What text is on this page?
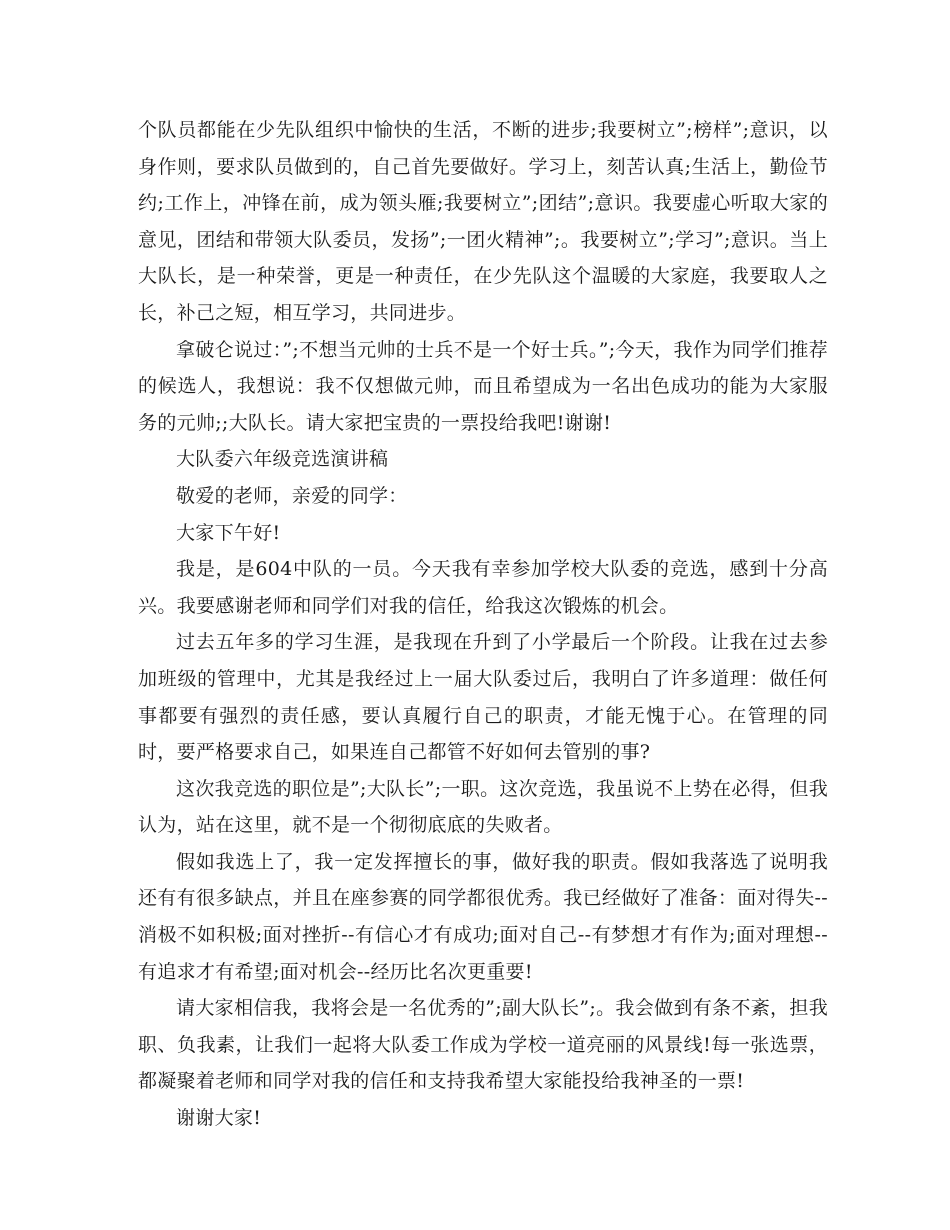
个队员都能在少先队组织中愉快的生活，不断的进步;我要树立”;榜样”;意识，以身作则，要求队员做到的，自己首先要做好。学习上，刻苦认真;生活上，勤俭节约;工作上，冲锋在前，成为领头雁;我要树立”;团结”;意识。我要虚心听取大家的意见，团结和带领大队委员，发扬”;一团火精神”;。我要树立”;学习”;意识。当上大队长，是一种荣誉，更是一种责任，在少先队这个温暖的大家庭，我要取人之长，补己之短，相互学习，共同进步。

拿破仑说过：”;不想当元帅的士兵不是一个好士兵。”;今天，我作为同学们推荐的候选人，我想说：我不仅想做元帅，而且希望成为一名出色成功的能为大家服务的元帅;;大队长。请大家把宝贵的一票投给我吧!谢谢!

大队委六年级竞选演讲稿

敬爱的老师，亲爱的同学：

大家下午好!

我是，是604中队的一员。今天我有幸参加学校大队委的竞选，感到十分高兴。我要感谢老师和同学们对我的信任，给我这次锻炼的机会。

过去五年多的学习生涯，是我现在升到了小学最后一个阶段。让我在过去参加班级的管理中，尤其是我经过上一届大队委过后，我明白了许多道理：做任何事都要有强烈的责任感，要认真履行自己的职责，才能无愧于心。在管理的同时，要严格要求自己，如果连自己都管不好如何去管别的事?

这次我竞选的职位是”;大队长”;一职。这次竞选，我虽说不上势在必得，但我认为，站在这里，就不是一个彻彻底底的失败者。

假如我选上了，我一定发挥擅长的事，做好我的职责。假如我落选了说明我还有有很多缺点，并且在座参赛的同学都很优秀。我已经做好了准备：面对得失--消极不如积极;面对挫折--有信心才有成功;面对自己--有梦想才有作为;面对理想--有追求才有希望;面对机会--经历比名次更重要!

请大家相信我，我将会是一名优秀的”;副大队长”;。我会做到有条不紊，担我职、负我素，让我们一起将大队委工作成为学校一道亮丽的风景线!每一张选票，都凝聚着老师和同学对我的信任和支持我希望大家能投给我神圣的一票!

谢谢大家!
